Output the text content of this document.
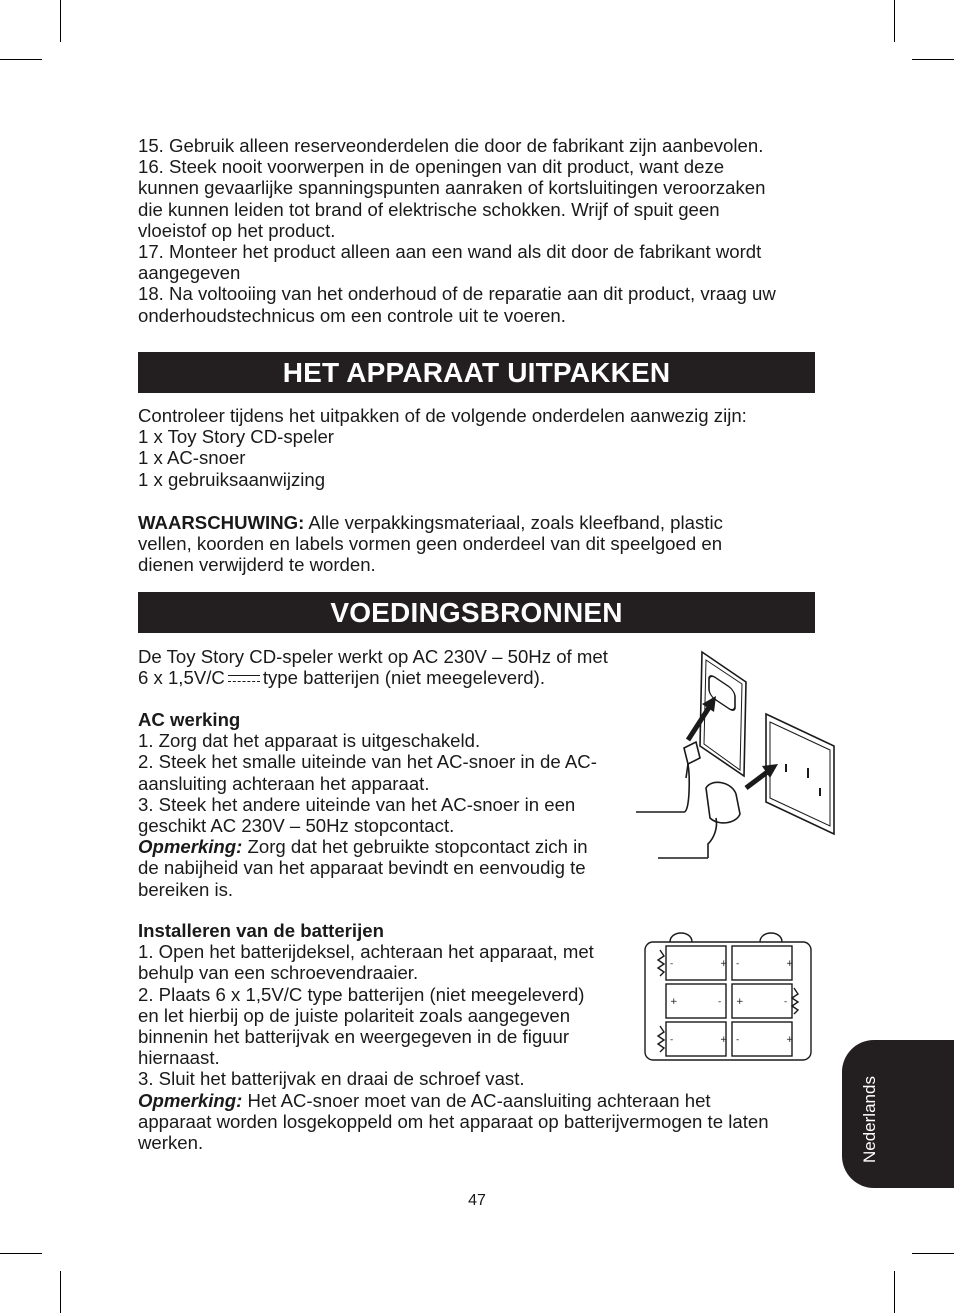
15. Gebruik alleen reserveonderdelen die door de fabrikant zijn aanbevolen.
16. Steek nooit voorwerpen in de openingen van dit product, want deze
kunnen gevaarlijke spanningspunten aanraken of kortsluitingen veroorzaken
die kunnen leiden tot brand of elektrische schokken. Wrijf of spuit geen
vloeistof op het product.
17. Monteer het product alleen aan een wand als dit door de fabrikant wordt
aangegeven
18. Na voltooiing van het onderhoud of de reparatie aan dit product, vraag uw
onderhoudstechnicus om een controle uit te voeren.

HET APPARAAT UITPAKKEN

Controleer tijdens het uitpakken of de volgende onderdelen aanwezig zijn:
1 x Toy Story CD-speler
1 x AC-snoer
1 x gebruiksaanwijzing

WAARSCHUWING: Alle verpakkingsmateriaal, zoals kleefband, plastic
vellen, koorden en labels vormen geen onderdeel van dit speelgoed en
dienen verwijderd te worden.

VOEDINGSBRONNEN

De Toy Story CD-speler werkt op AC 230V – 50Hz of met
6 x 1,5V/C type batterijen (niet meegeleverd).

AC werking
1. Zorg dat het apparaat is uitgeschakeld.
2. Steek het smalle uiteinde van het AC-snoer in de AC-
aansluiting achteraan het apparaat.
3. Steek het andere uiteinde van het AC-snoer in een
geschikt AC 230V – 50Hz stopcontact.
Opmerking: Zorg dat het gebruikte stopcontact zich in
de nabijheid van het apparaat bevindt en eenvoudig te
bereiken is.

Installeren van de batterijen
1. Open het batterijdeksel, achteraan het apparaat, met
behulp van een schroevendraaier.
2. Plaats 6 x 1,5V/C type batterijen (niet meegeleverd)
en let hierbij op de juiste polariteit zoals aangegeven
binnenin het batterijvak en weergegeven in de figuur
hiernaast.
3. Sluit het batterijvak en draai de schroef vast.
Opmerking: Het AC-snoer moet van de AC-aansluiting achteraan het
apparaat worden losgekoppeld om het apparaat op batterijvermogen te laten
werken.

-	+ -	+
+	- +	-
-	+ -	+
Nederlands
47
